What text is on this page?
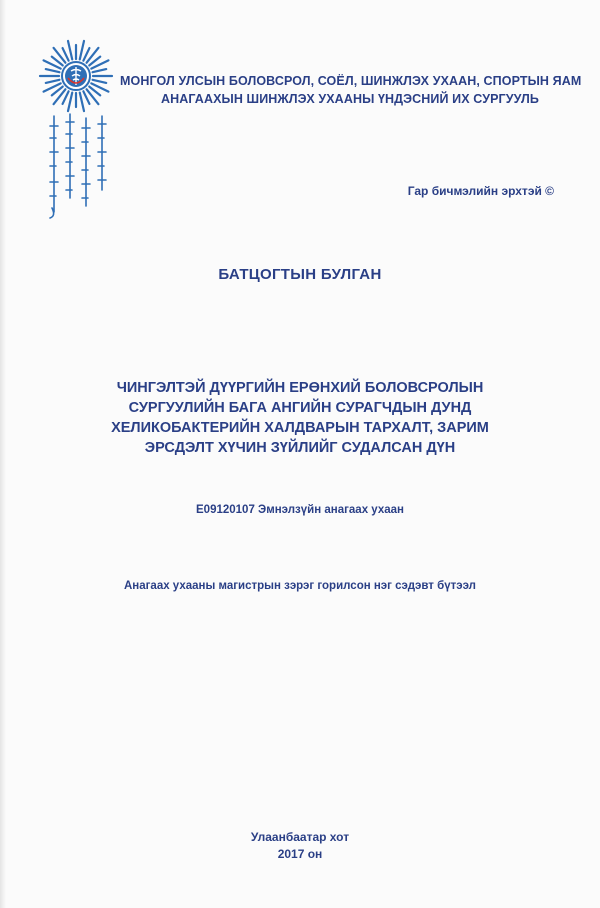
МОНГОЛ УЛСЫН БОЛОВСРОЛ, СОЁЛ, ШИНЖЛЭХ УХААН, СПОРТЫН ЯАМ
АНАГААХЫН ШИНЖЛЭХ УХААНЫ ҮНДЭСНИЙ ИХ СУРГУУЛЬ
Гар бичмэлийн эрхтэй ©
БАТЦОГТЫН БУЛГАН
ЧИНГЭЛТЭЙ ДҮҮРГИЙН ЕРӨНХИЙ БОЛОВСРОЛЫН
СУРГУУЛИЙН БАГА АНГИЙН СУРАГЧДЫН ДУНД
ХЕЛИКОБАКТЕРИЙН ХАЛДВАРЫН ТАРХАЛТ, ЗАРИМ
ЭРСДЭЛТ ХҮЧИН ЗҮЙЛИЙГ СУДАЛСАН ДҮН
E09120107 Эмнэлзүйн анагаах ухаан
Анагаах ухааны магистрын зэрэг горилсон нэг сэдэвт бүтээл
Улаанбаатар хот
2017 он
